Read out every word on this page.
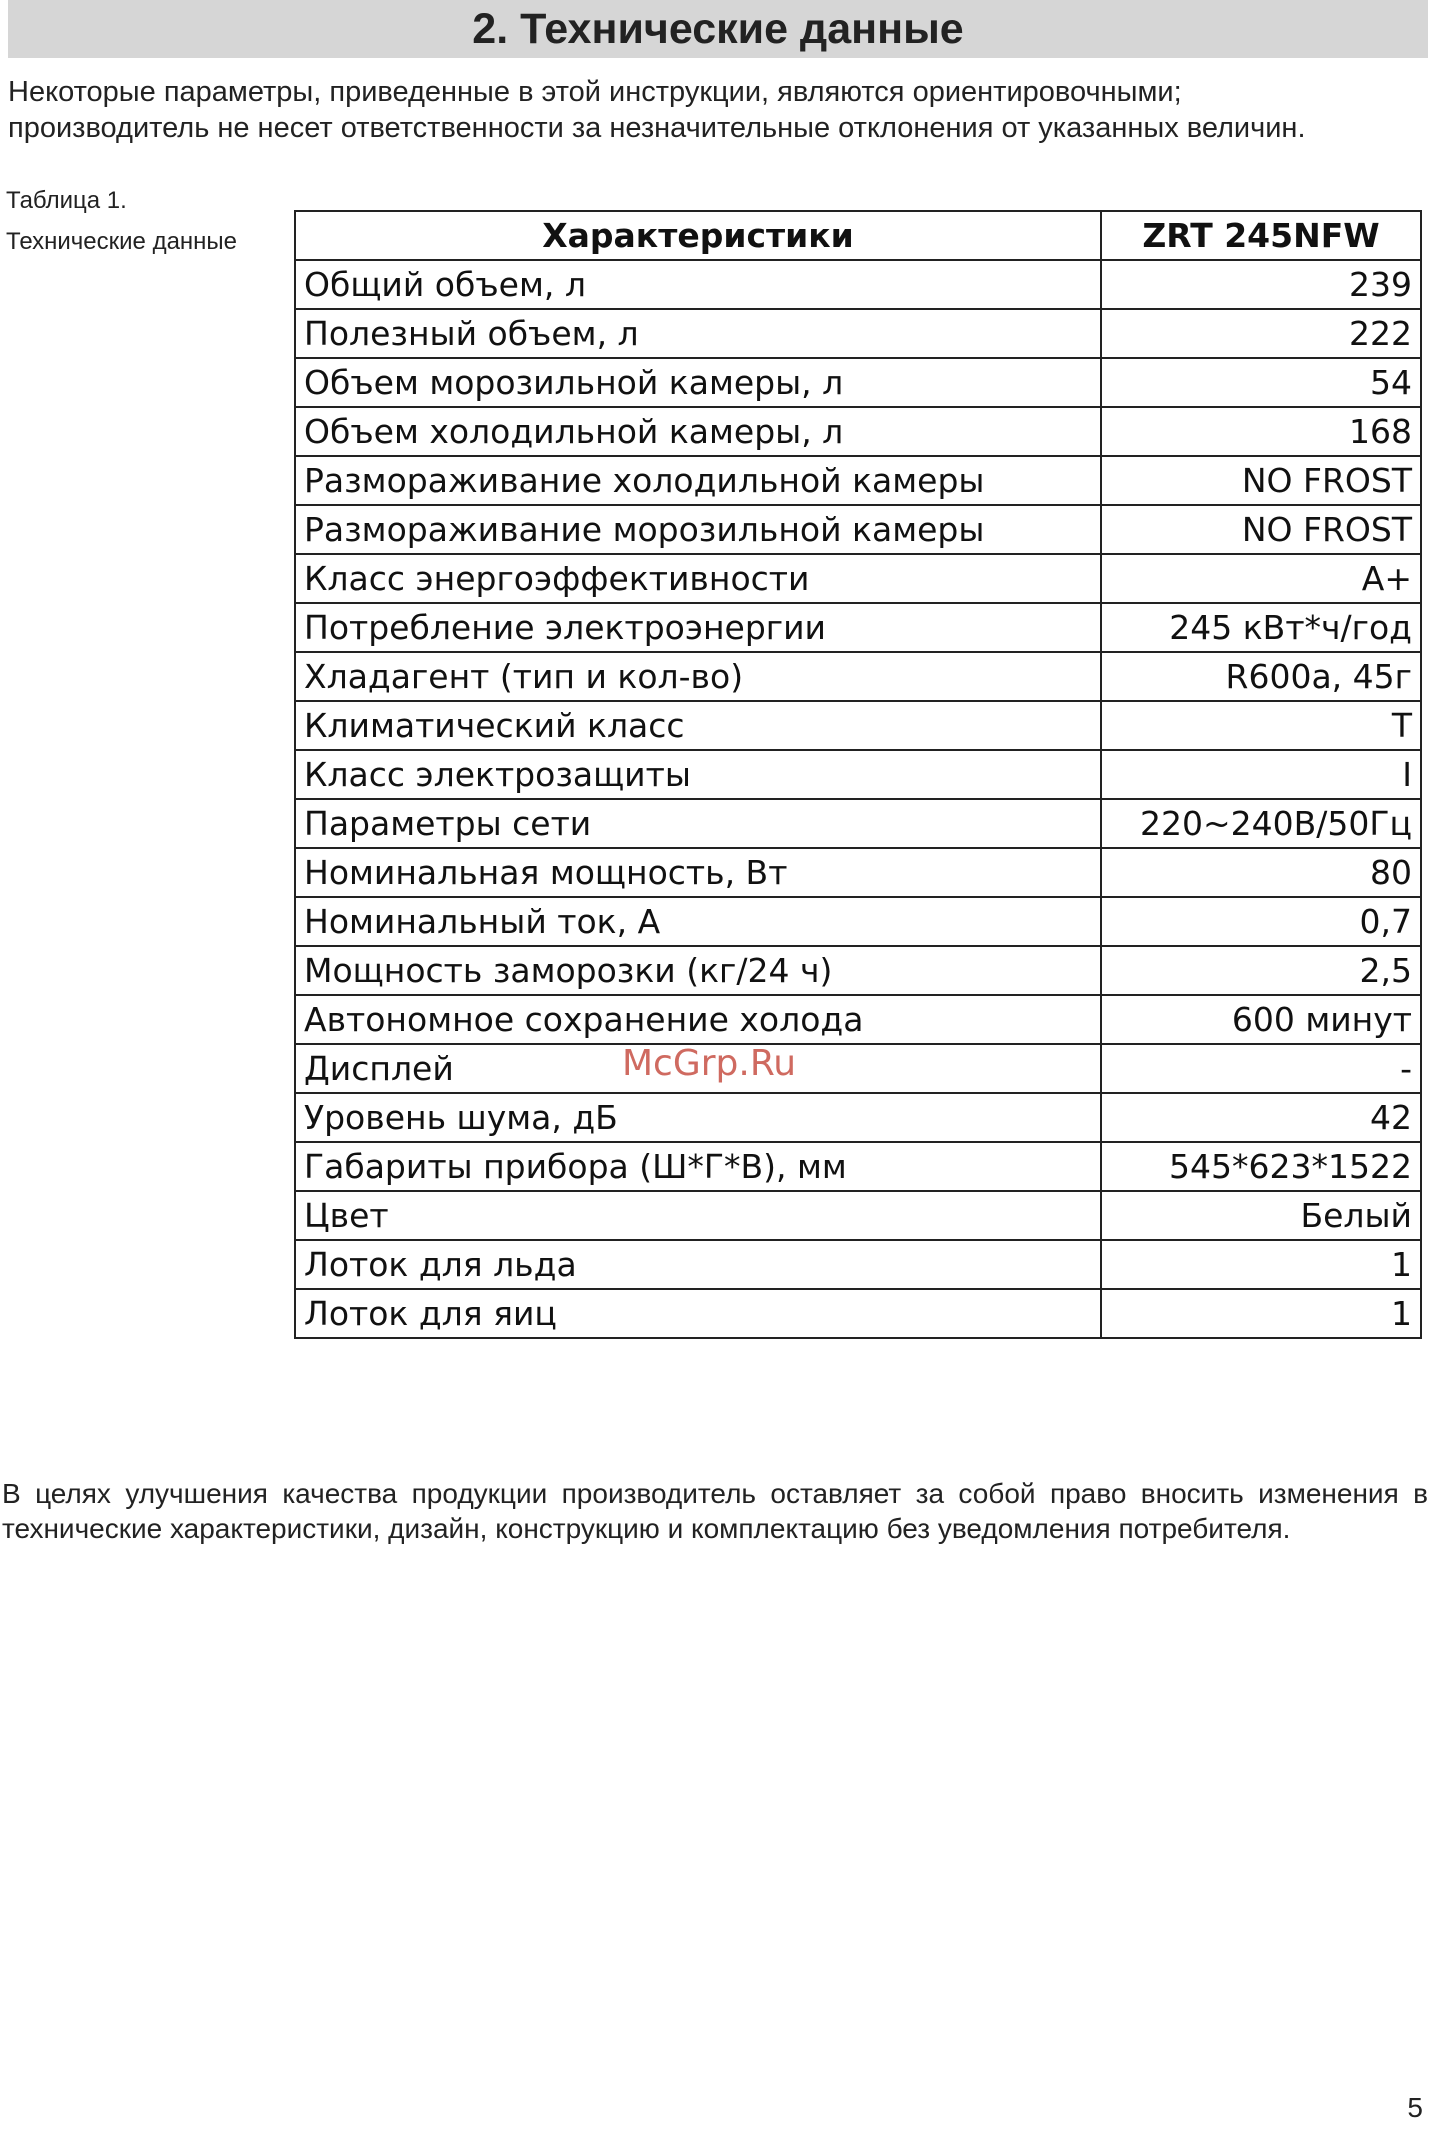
2. Технические данные

Некоторые параметры, приведенные в этой инструкции, являются ориентировочными;

производитель не несет ответственности за незначительные отклонения от указанных величин.

Таблица 1.
Технические данные	Характеристики	ZRT 245NFW
Общий объем, л	239
Полезный объем, л	222
Объем морозильной камеры, л	54
Объем холодильной камеры, л	168
Размораживание холодильной камеры	NO FROST
Размораживание морозильной камеры	NO FROST
Класс энергоэффективности	A+
Потребление электроэнергии	245 кВт*ч/год
Хладагент (тип и кол-во)	R600a, 45г
Климатический класс	T
Класс электрозащиты	I
Параметры сети	220~240В/50Гц
Номинальная мощность, Вт	80
Номинальный ток, А	0,7
Мощность заморозки (кг/24 ч)	2,5
Автономное сохранение холода	600 минут
Дисплей	-
Уровень шума, дБ	42
Габариты прибора (Ш*Г*В), мм	545*623*1522
Цвет	Белый
Лоток для льда	1
Лоток для яиц	1
McGrp.Ru

В целях улучшения качества продукции производитель оставляет за собой право вносить изменения в технические характеристики, дизайн, конструкцию и комплектацию без уведомления потребителя.

5
